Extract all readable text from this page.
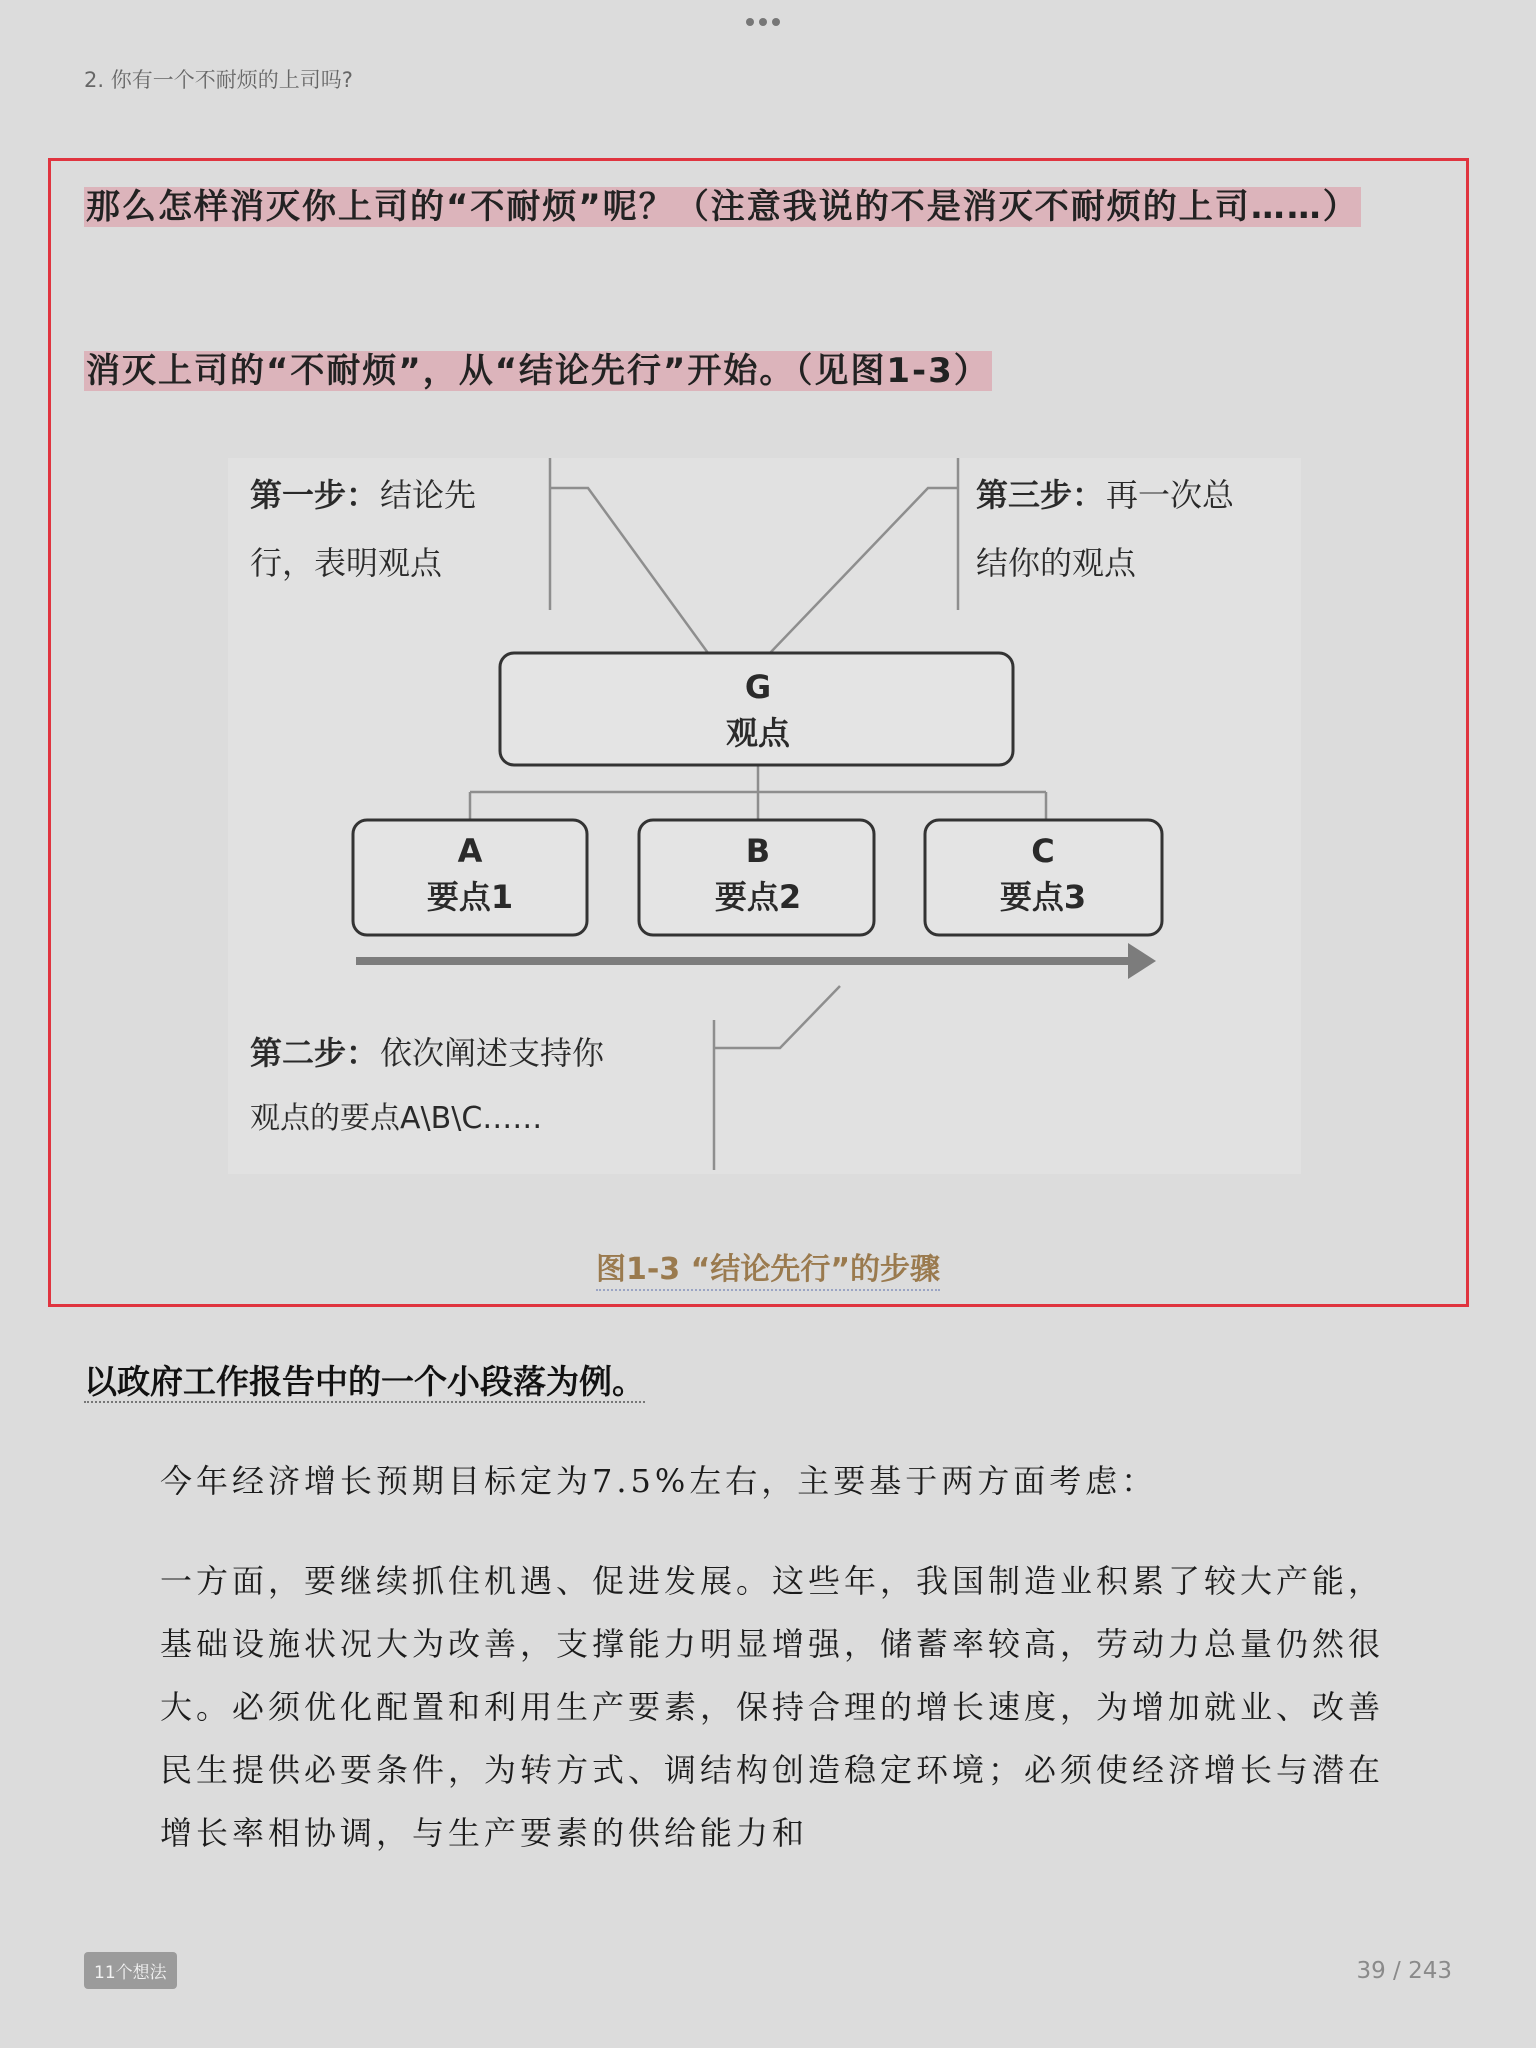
2. 你有一个不耐烦的上司吗?
那么怎样消灭你上司的“不耐烦”呢？（注意我说的不是消灭不耐烦的上司……）
消灭上司的“不耐烦”，从“结论先行”开始。（见图1-3）
G
观点
A
要点1
B
要点2
C
要点3
第一步： 结论先
行，表明观点
第三步： 再一次总
结你的观点
第二步： 依次阐述支持你
观点的要点A\B\C……
图1-3 “结论先行”的步骤
以政府工作报告中的一个小段落为例。
今年经济增长预期目标定为7.5%左右，主要基于两方面考虑：
一方面，要继续抓住机遇、促进发展。这些年，我国制造业积累了较大产能，基础设施状况大为改善，支撑能力明显增强，储蓄率较高，劳动力总量仍然很大。必须优化配置和利用生产要素，保持合理的增长速度，为增加就业、改善民生提供必要条件，为转方式、调结构创造稳定环境；必须使经济增长与潜在增长率相协调，与生产要素的供给能力和
11个想法	39 / 243
